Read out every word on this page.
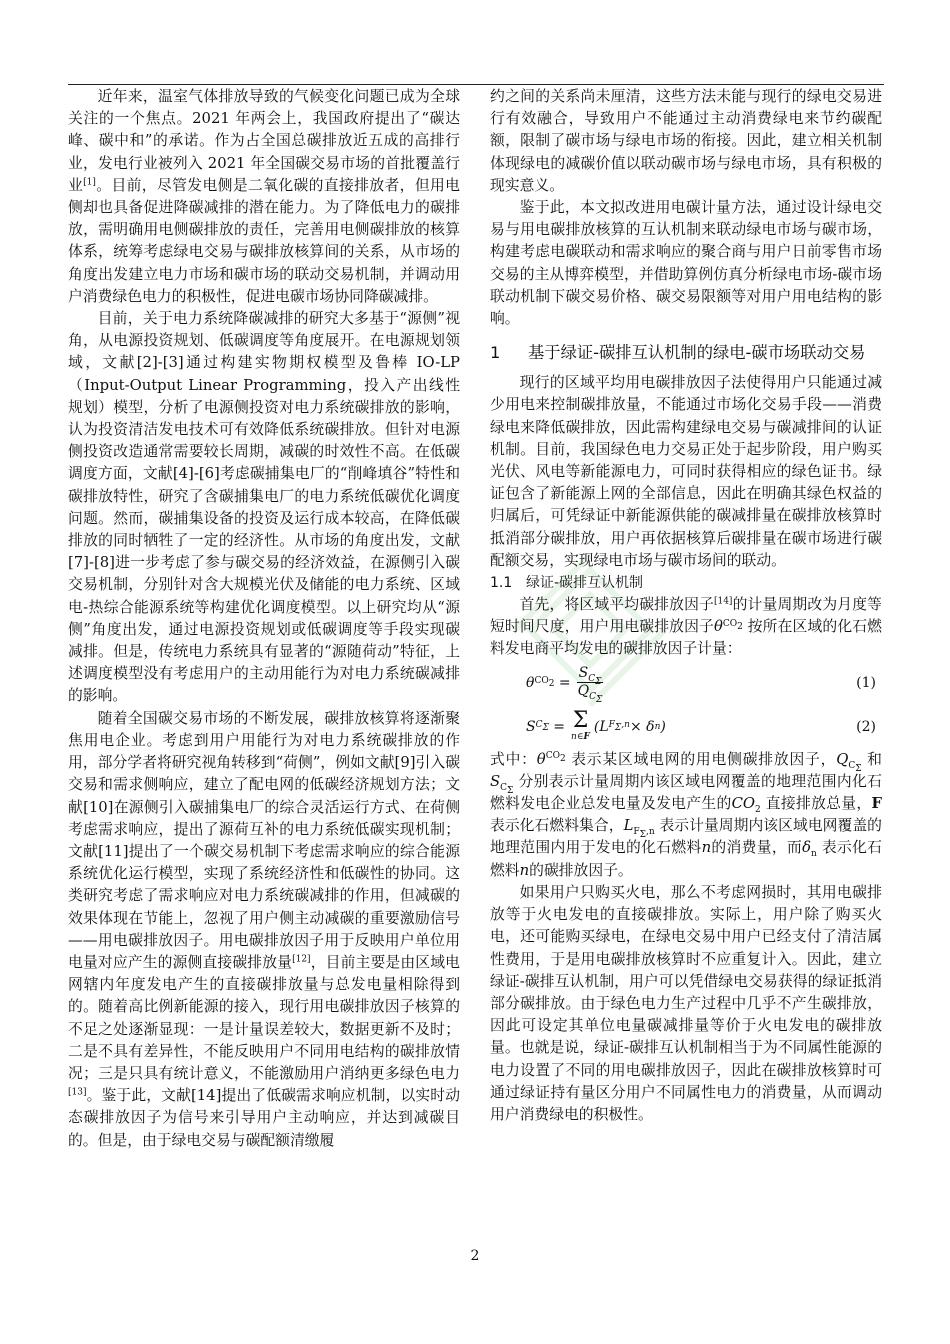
近年来，温室气体排放导致的气候变化问题已成为全球关注的一个焦点。2021 年两会上，我国政府提出了“碳达峰、碳中和”的承诺。作为占全国总碳排放近五成的高排行业，发电行业被列入 2021 年全国碳交易市场的首批覆盖行业[1]。目前，尽管发电侧是二氧化碳的直接排放者，但用电侧却也具备促进降碳减排的潜在能力。为了降低电力的碳排放，需明确用电侧碳排放的责任，完善用电侧碳排放的核算体系，统筹考虑绿电交易与碳排放核算间的关系，从市场的角度出发建立电力市场和碳市场的联动交易机制，并调动用户消费绿色电力的积极性，促进电碳市场协同降碳减排。

目前，关于电力系统降碳减排的研究大多基于“源侧”视角，从电源投资规划、低碳调度等角度展开。在电源规划领域，文献[2]-[3]通过构建实物期权模型及鲁棒 IO-LP（Input-Output Linear Programming，投入产出线性规划）模型，分析了电源侧投资对电力系统碳排放的影响，认为投资清洁发电技术可有效降低系统碳排放。但针对电源侧投资改造通常需要较长周期，减碳的时效性不高。在低碳调度方面，文献[4]-[6]考虑碳捕集电厂的“削峰填谷”特性和碳排放特性，研究了含碳捕集电厂的电力系统低碳优化调度问题。然而，碳捕集设备的投资及运行成本较高，在降低碳排放的同时牺牲了一定的经济性。从市场的角度出发，文献[7]-[8]进一步考虑了参与碳交易的经济效益，在源侧引入碳交易机制，分别针对含大规模光伏及储能的电力系统、区域电-热综合能源系统等构建优化调度模型。以上研究均从“源侧”角度出发，通过电源投资规划或低碳调度等手段实现碳减排。但是，传统电力系统具有显著的“源随荷动”特征，上述调度模型没有考虑用户的主动用能行为对电力系统碳减排的影响。

随着全国碳交易市场的不断发展，碳排放核算将逐渐聚焦用电企业。考虑到用户用能行为对电力系统碳排放的作用，部分学者将研究视角转移到“荷侧”，例如文献[9]引入碳交易和需求侧响应，建立了配电网的低碳经济规划方法；文献[10]在源侧引入碳捕集电厂的综合灵活运行方式、在荷侧考虑需求响应，提出了源荷互补的电力系统低碳实现机制；文献[11]提出了一个碳交易机制下考虑需求响应的综合能源系统优化运行模型，实现了系统经济性和低碳性的协同。这类研究考虑了需求响应对电力系统碳减排的作用，但减碳的效果体现在节能上，忽视了用户侧主动减碳的重要激励信号——用电碳排放因子。用电碳排放因子用于反映用户单位用电量对应产生的源侧直接碳排放量[12]，目前主要是由区域电网辖内年度发电产生的直接碳排放量与总发电量相除得到的。随着高比例新能源的接入，现行用电碳排放因子核算的不足之处逐渐显现：一是计量误差较大，数据更新不及时；二是不具有差异性，不能反映用户不同用电结构的碳排放情况；三是只具有统计意义，不能激励用户消纳更多绿色电力[13]。鉴于此，文献[14]提出了低碳需求响应机制，以实时动态碳排放因子为信号来引导用户主动响应，并达到减碳目的。但是，由于绿电交易与碳配额清缴履

约之间的关系尚未厘清，这些方法未能与现行的绿电交易进行有效融合，导致用户不能通过主动消费绿电来节约碳配额，限制了碳市场与绿电市场的衔接。因此，建立相关机制体现绿电的减碳价值以联动碳市场与绿电市场，具有积极的现实意义。

鉴于此，本文拟改进用电碳计量方法，通过设计绿电交易与用电碳排放核算的互认机制来联动绿电市场与碳市场，构建考虑电碳联动和需求响应的聚合商与用户日前零售市场交易的主从博弈模型，并借助算例仿真分析绿电市场-碳市场联动机制下碳交易价格、碳交易限额等对用户用电结构的影响。

1	基于绿证-碳排互认机制的绿电-碳市场联动交易

现行的区域平均用电碳排放因子法使得用户只能通过减少用电来控制碳排放量，不能通过市场化交易手段——消费绿电来降低碳排放，因此需构建绿电交易与碳减排间的认证机制。目前，我国绿色电力交易正处于起步阶段，用户购买光伏、风电等新能源电力，可同时获得相应的绿色证书。绿证包含了新能源上网的全部信息，因此在明确其绿色权益的归属后，可凭绿证中新能源供能的碳减排量在碳排放核算时抵消部分碳排放，用户再依据核算后碳排量在碳市场进行碳配额交易，实现绿电市场与碳市场间的联动。

1.1 绿证-碳排互认机制

首先，将区域平均碳排放因子[14]的计量周期改为月度等短时间尺度，用户用电碳排放因子$\theta^{CO_2}$ 按所在区域的化石燃料发电商平均发电的碳排放因子计量：

θ $CO_2 = \frac{S_{C_\Sigma}}{Q_{C_\Sigma}}$	(1)
S $C_\Sigma = \Sigma$
n∈F
(L $F_\Sigma,n \times \delta$ n )	(2)

式中：$\theta^{CO_2}$ 表示某区域电网的用电侧碳排放因子，$Q_{C_\Sigma}$ 和 $S_{C_\Sigma}$ 分别表示计量周期内该区域电网覆盖的地理范围内化石燃料发电企业总发电量及发电产生的$CO_2$ 直接排放总量，F 表示化石燃料集合，$L_{F_\Sigma,n}$ 表示计量周期内该区域电网覆盖的地理范围内用于发电的化石燃料n的消费量，而$\delta_n$ 表示化石燃料n的碳排放因子。

如果用户只购买火电，那么不考虑网损时，其用电碳排放等于火电发电的直接碳排放。实际上，用户除了购买火电，还可能购买绿电，在绿电交易中用户已经支付了清洁属性费用，于是用电碳排放核算时不应重复计入。因此，建立绿证-碳排互认机制，用户可以凭借绿电交易获得的绿证抵消部分碳排放。由于绿色电力生产过程中几乎不产生碳排放，因此可设定其单位电量碳减排量等价于火电发电的碳排放量。也就是说，绿证-碳排互认机制相当于为不同属性能源的电力设置了不同的用电碳排放因子，因此在碳排放核算时可通过绿证持有量区分用户不同属性电力的消费量，从而调动用户消费绿电的积极性。

2
